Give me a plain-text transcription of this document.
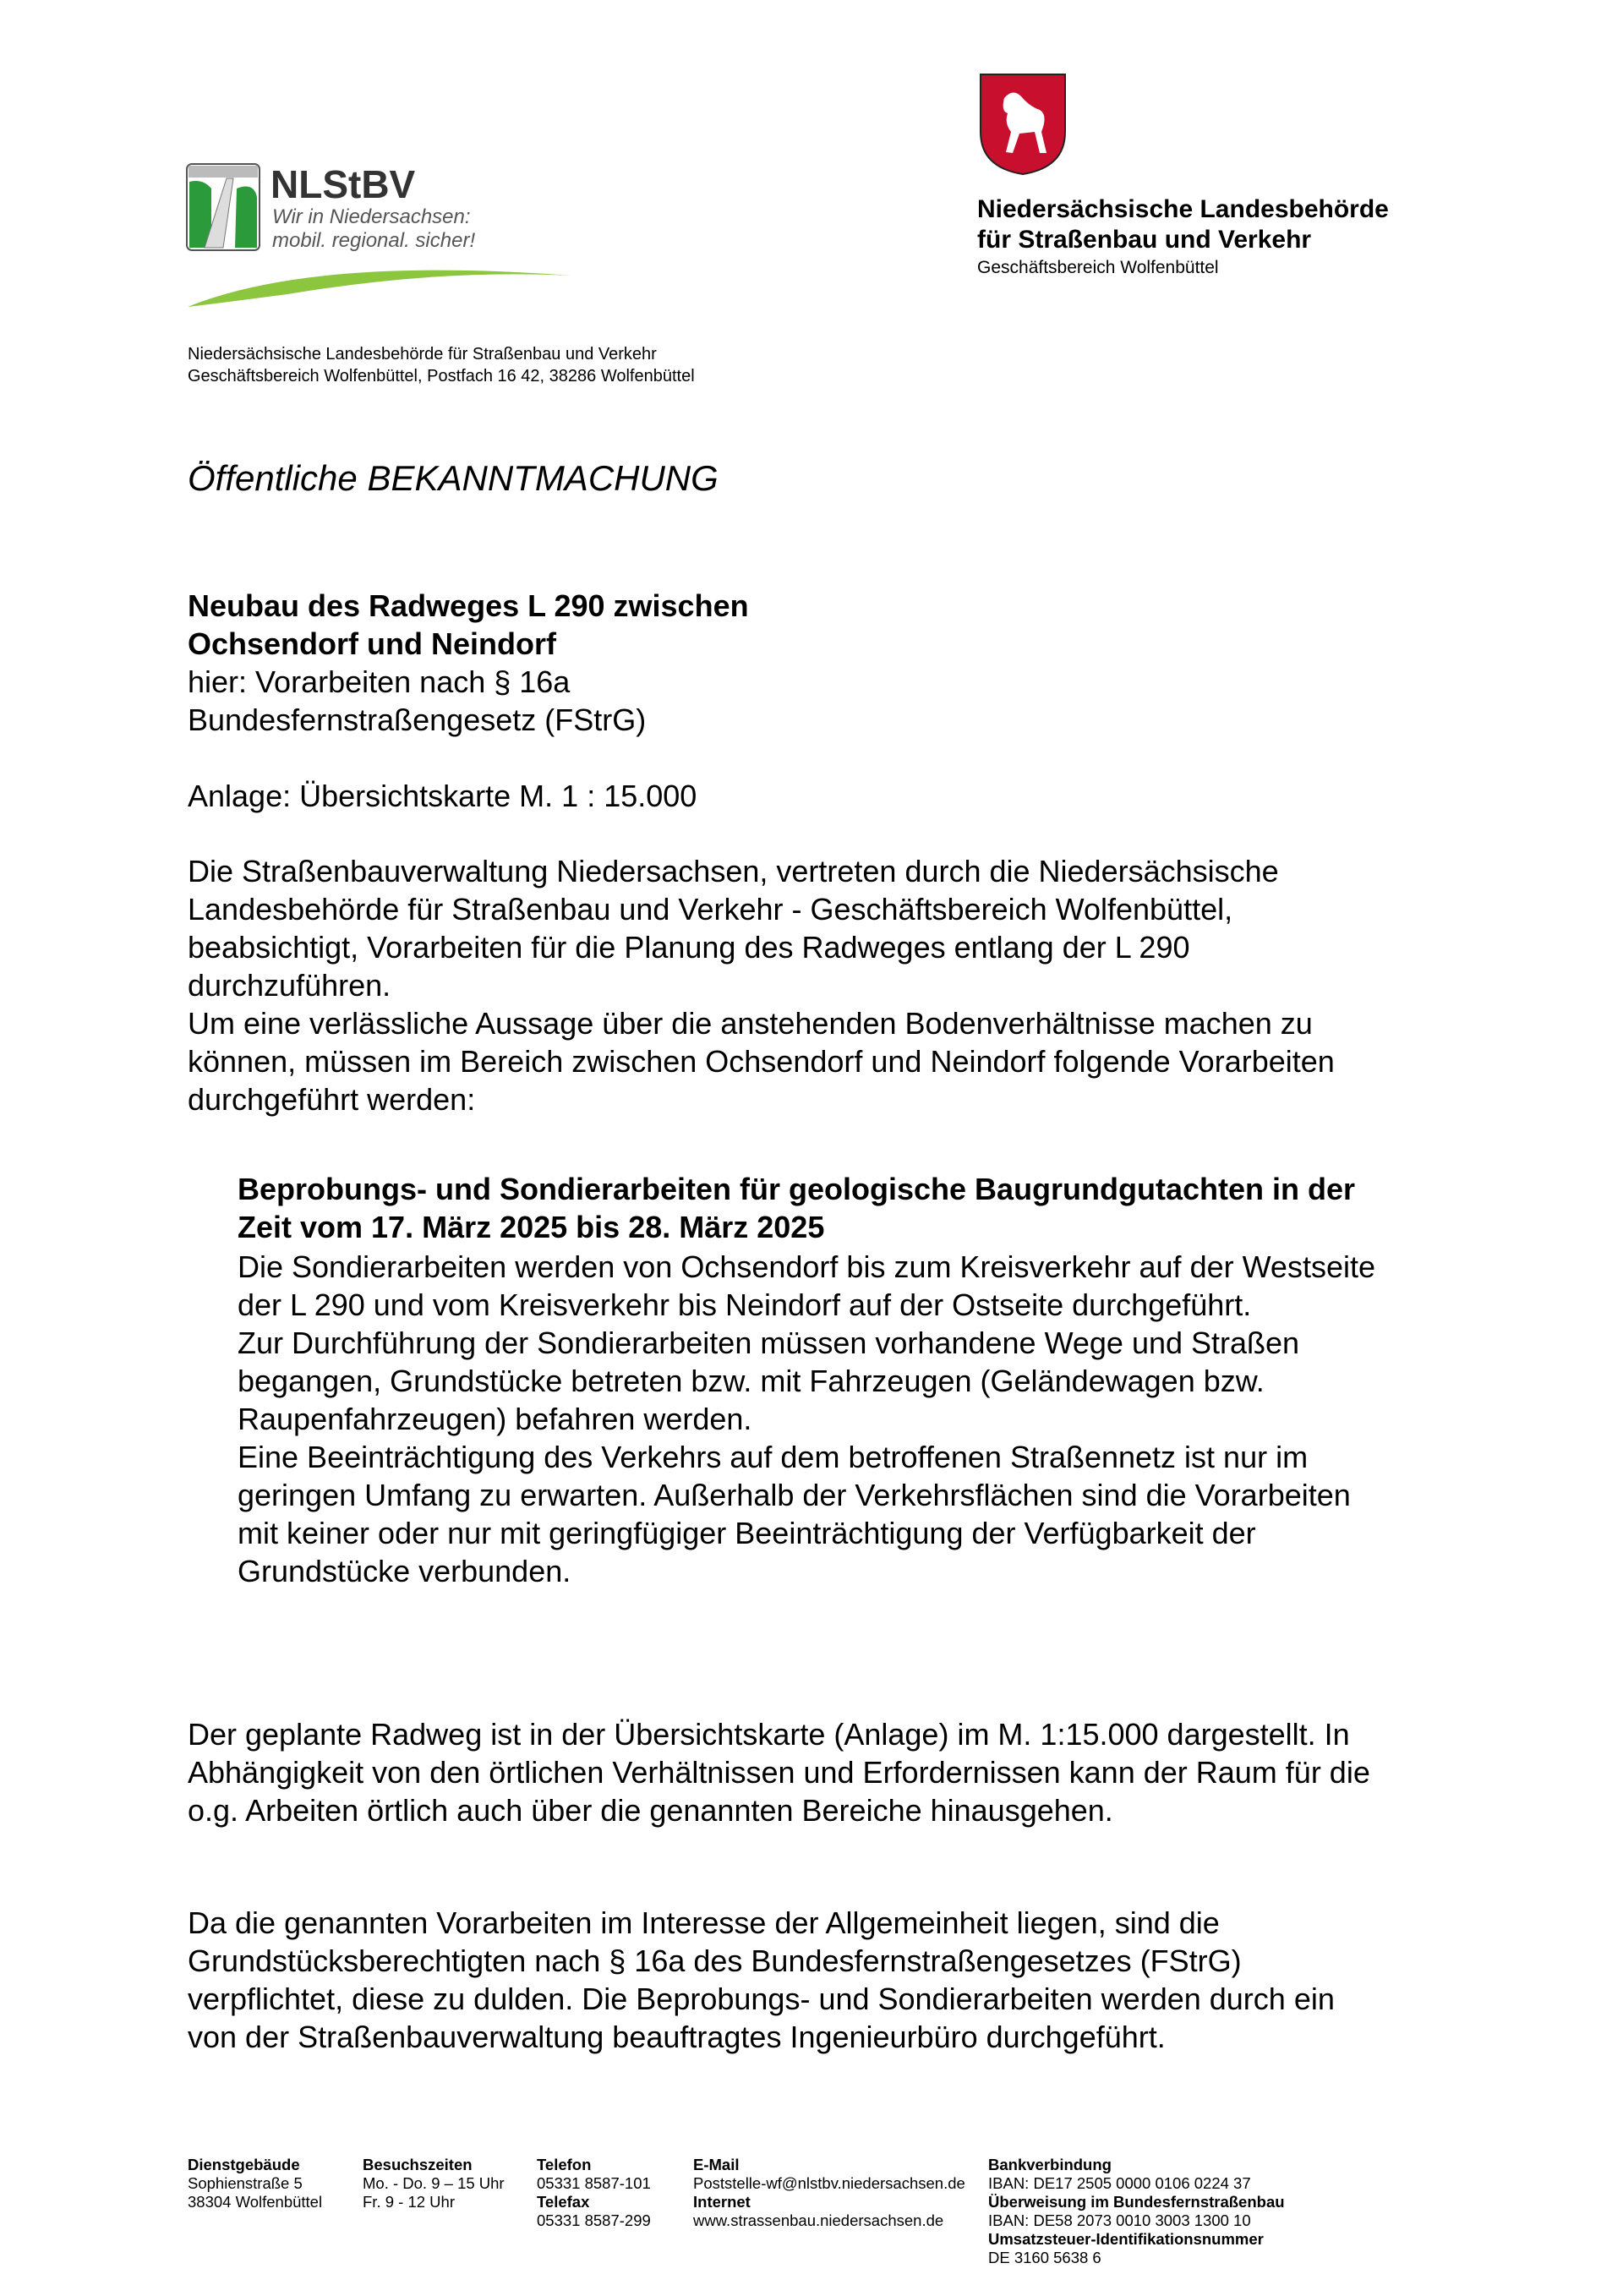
NLStBV
Wir in Niedersachsen:
mobil. regional. sicher!
Niedersächsische Landesbehörde
für Straßenbau und Verkehr
Geschäftsbereich Wolfenbüttel
Niedersächsische Landesbehörde für Straßenbau und Verkehr
Geschäftsbereich Wolfenbüttel, Postfach 16 42, 38286 Wolfenbüttel
Öffentliche BEKANNTMACHUNG
Neubau des Radweges L 290 zwischen
Ochsendorf und Neindorf
hier: Vorarbeiten nach § 16a
Bundesfernstraßengesetz (FStrG)
Anlage: Übersichtskarte M. 1 : 15.000
Die Straßenbauverwaltung Niedersachsen, vertreten durch die Niedersächsische
Landesbehörde für Straßenbau und Verkehr - Geschäftsbereich Wolfenbüttel,
beabsichtigt, Vorarbeiten für die Planung des Radweges entlang der L 290
durchzuführen.
Um eine verlässliche Aussage über die anstehenden Bodenverhältnisse machen zu
können, müssen im Bereich zwischen Ochsendorf und Neindorf folgende Vorarbeiten
durchgeführt werden:
Beprobungs- und Sondierarbeiten für geologische Baugrundgutachten in der
Zeit vom 17. März 2025 bis 28. März 2025
Die Sondierarbeiten werden von Ochsendorf bis zum Kreisverkehr auf der Westseite
der L 290 und vom Kreisverkehr bis Neindorf auf der Ostseite durchgeführt.
Zur Durchführung der Sondierarbeiten müssen vorhandene Wege und Straßen
begangen, Grundstücke betreten bzw. mit Fahrzeugen (Geländewagen bzw.
Raupenfahrzeugen) befahren werden.
Eine Beeinträchtigung des Verkehrs auf dem betroffenen Straßennetz ist nur im
geringen Umfang zu erwarten. Außerhalb der Verkehrsflächen sind die Vorarbeiten
mit keiner oder nur mit geringfügiger Beeinträchtigung der Verfügbarkeit der
Grundstücke verbunden.
Der geplante Radweg ist in der Übersichtskarte (Anlage) im M. 1:15.000 dargestellt. In
Abhängigkeit von den örtlichen Verhältnissen und Erfordernissen kann der Raum für die
o.g. Arbeiten örtlich auch über die genannten Bereiche hinausgehen.
Da die genannten Vorarbeiten im Interesse der Allgemeinheit liegen, sind die
Grundstücksberechtigten nach § 16a des Bundesfernstraßengesetzes (FStrG)
verpflichtet, diese zu dulden. Die Beprobungs- und Sondierarbeiten werden durch ein
von der Straßenbauverwaltung beauftragtes Ingenieurbüro durchgeführt.
Dienstgebäude
Sophienstraße 5
38304 Wolfenbüttel
Besuchszeiten
Mo. - Do. 9 – 15 Uhr
Fr. 9 - 12 Uhr
Telefon
05331 8587-101
Telefax
05331 8587-299
E-Mail
Poststelle-wf@nlstbv.niedersachsen.de
Internet
www.strassenbau.niedersachsen.de
Bankverbindung
IBAN: DE17 2505 0000 0106 0224 37
Überweisung im Bundesfernstraßenbau
IBAN: DE58 2073 0010 3003 1300 10
Umsatzsteuer-Identifikationsnummer
DE 3160 5638 6
